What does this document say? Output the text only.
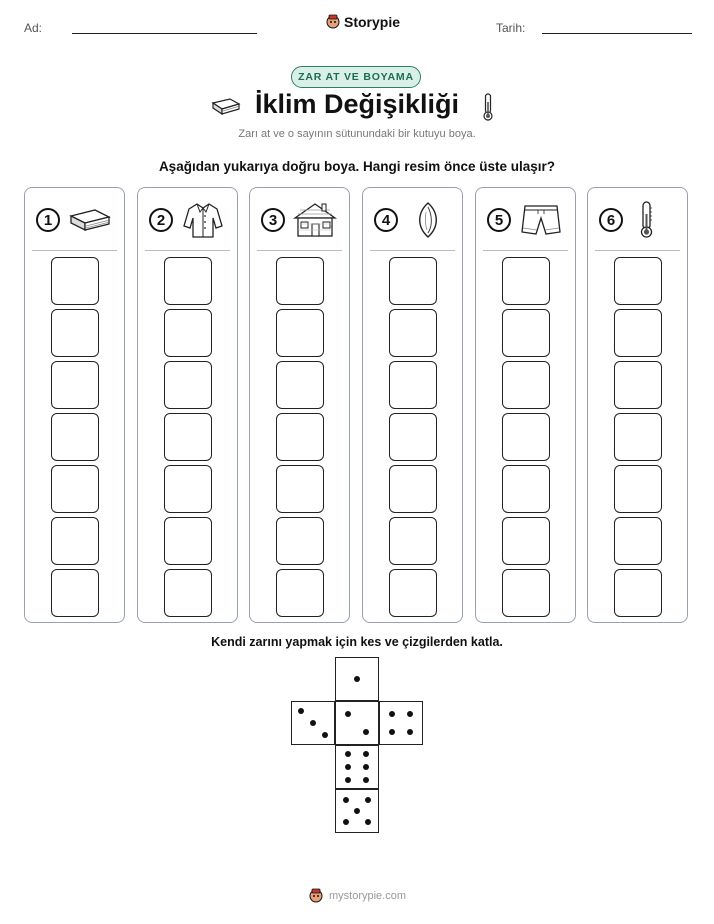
Ad:	Storypie	Tarih:
ZAR AT VE BOYAMA
İklim Değişikliği
Zarı at ve o sayının sütunundaki bir kutuyu boya.
Aşağıdan yukarıya doğru boya. Hangi resim önce üste ulaşır?
1	2	3	4	5	6
Kendi zarını yapmak için kes ve çizgilerden katla.
mystorypie.com
